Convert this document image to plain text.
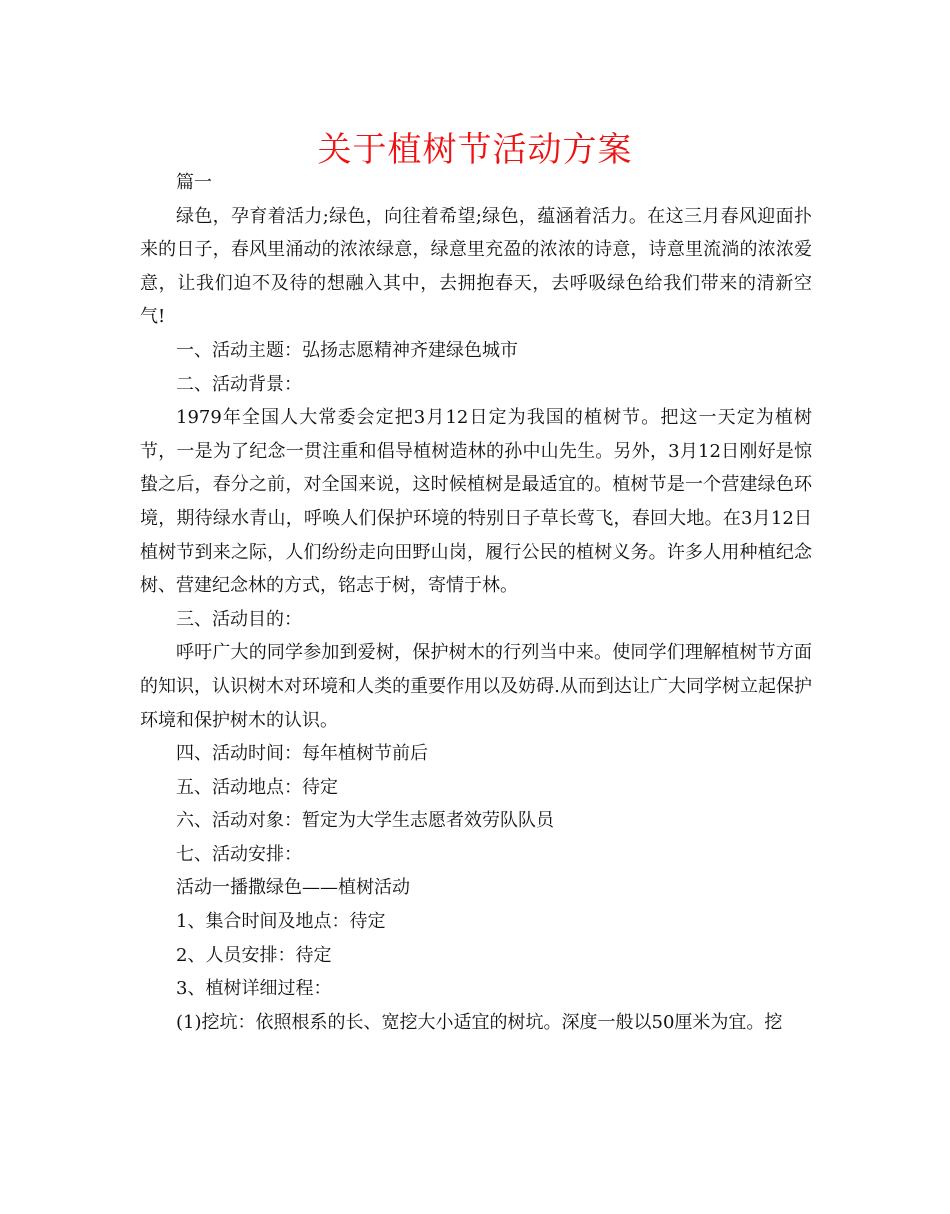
关于植树节活动方案

篇一

绿色，孕育着活力;绿色，向往着希望;绿色，蕴涵着活力。在这三月春风迎面扑来的日子，春风里涌动的浓浓绿意，绿意里充盈的浓浓的诗意，诗意里流淌的浓浓爱意，让我们迫不及待的想融入其中，去拥抱春天，去呼吸绿色给我们带来的清新空气!

一、活动主题：弘扬志愿精神齐建绿色城市

二、活动背景：

1979年全国人大常委会定把3月12日定为我国的植树节。把这一天定为植树节，一是为了纪念一贯注重和倡导植树造林的孙中山先生。另外，3月12日刚好是惊蛰之后，春分之前，对全国来说，这时候植树是最适宜的。植树节是一个营建绿色环境，期待绿水青山，呼唤人们保护环境的特别日子草长莺飞，春回大地。在3月12日植树节到来之际，人们纷纷走向田野山岗，履行公民的植树义务。许多人用种植纪念树、营建纪念林的方式，铭志于树，寄情于林。

三、活动目的：

呼吁广大的同学参加到爱树，保护树木的行列当中来。使同学们理解植树节方面的知识，认识树木对环境和人类的重要作用以及妨碍.从而到达让广大同学树立起保护环境和保护树木的认识。

四、活动时间：每年植树节前后

五、活动地点：待定

六、活动对象：暂定为大学生志愿者效劳队队员

七、活动安排：

活动一播撒绿色——植树活动

1、集合时间及地点：待定

2、人员安排：待定

3、植树详细过程：

(1)挖坑：依照根系的长、宽挖大小适宜的树坑。深度一般以50厘米为宜。挖
